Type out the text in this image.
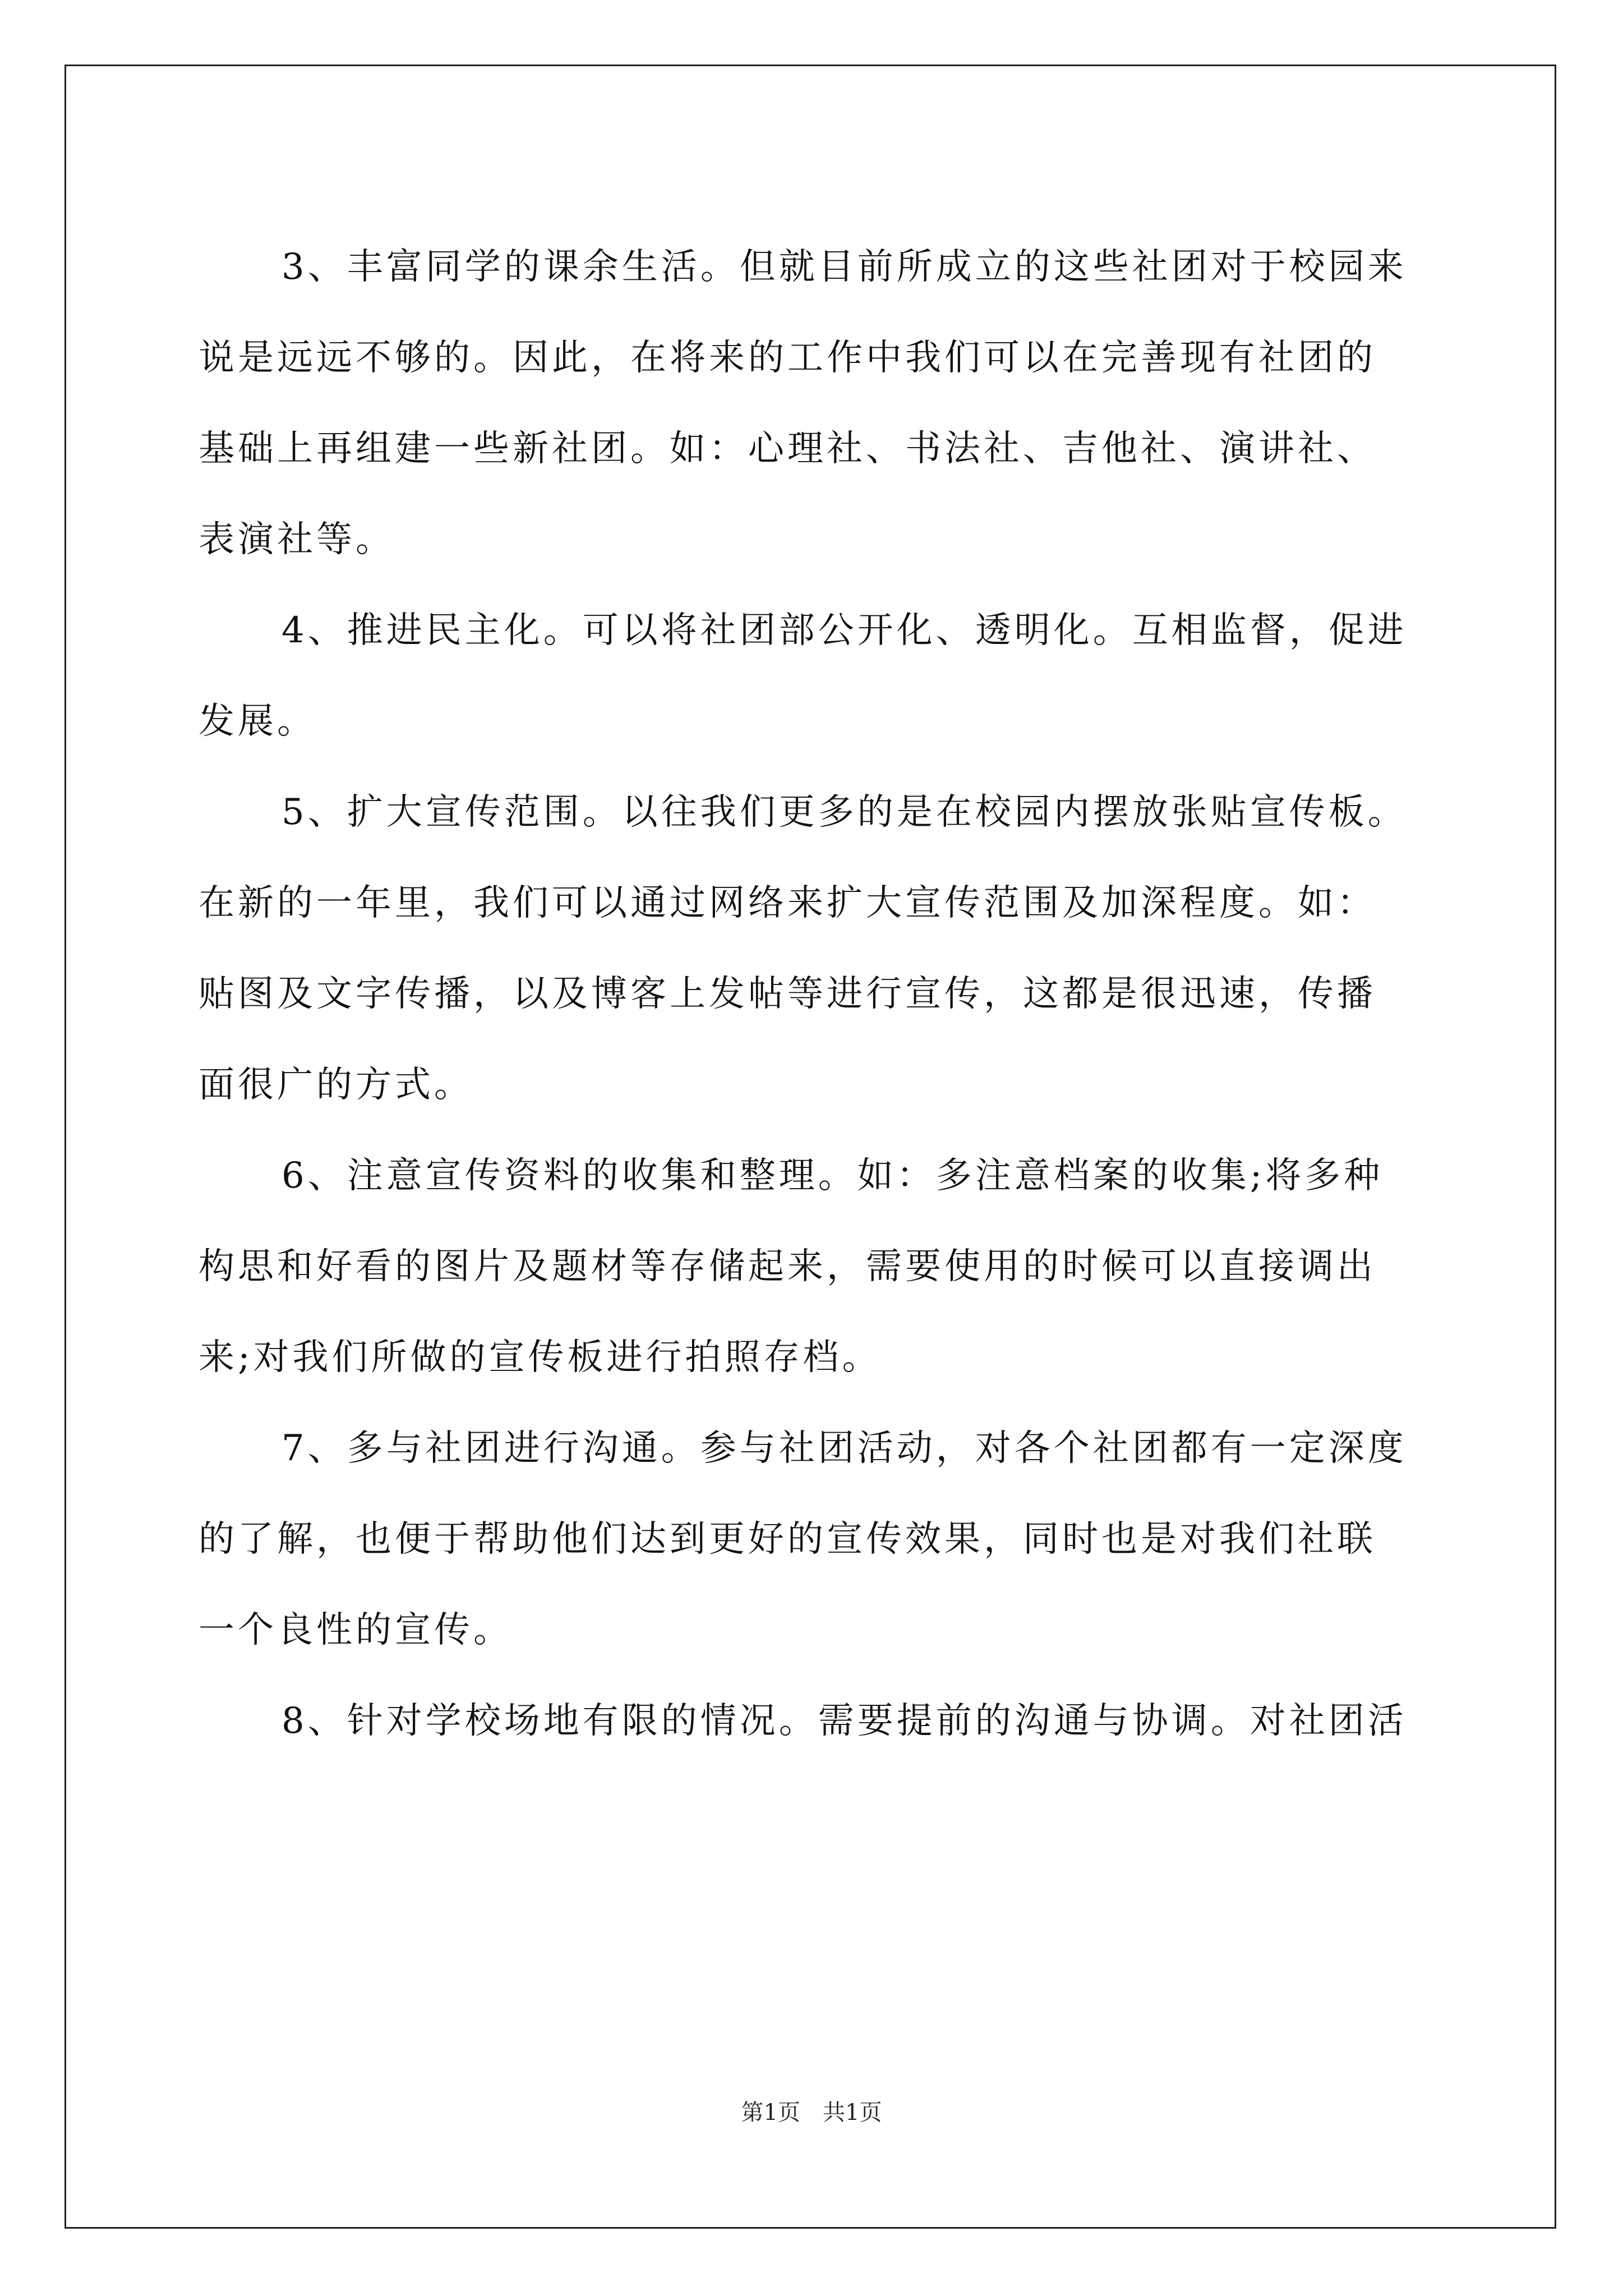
3、丰富同学的课余生活。但就目前所成立的这些社团对于校园来
说是远远不够的。因此，在将来的工作中我们可以在完善现有社团的
基础上再组建一些新社团。如：心理社、书法社、吉他社、演讲社、
表演社等。

4、推进民主化。可以将社团部公开化、透明化。互相监督，促进
发展。

5、扩大宣传范围。以往我们更多的是在校园内摆放张贴宣传板。
在新的一年里，我们可以通过网络来扩大宣传范围及加深程度。如：
贴图及文字传播，以及博客上发帖等进行宣传，这都是很迅速，传播
面很广的方式。

6、注意宣传资料的收集和整理。如：多注意档案的收集;将多种
构思和好看的图片及题材等存储起来，需要使用的时候可以直接调出
来;对我们所做的宣传板进行拍照存档。

7、多与社团进行沟通。参与社团活动，对各个社团都有一定深度
的了解，也便于帮助他们达到更好的宣传效果，同时也是对我们社联
一个良性的宣传。

8、针对学校场地有限的情况。需要提前的沟通与协调。对社团活

第1页　共1页
